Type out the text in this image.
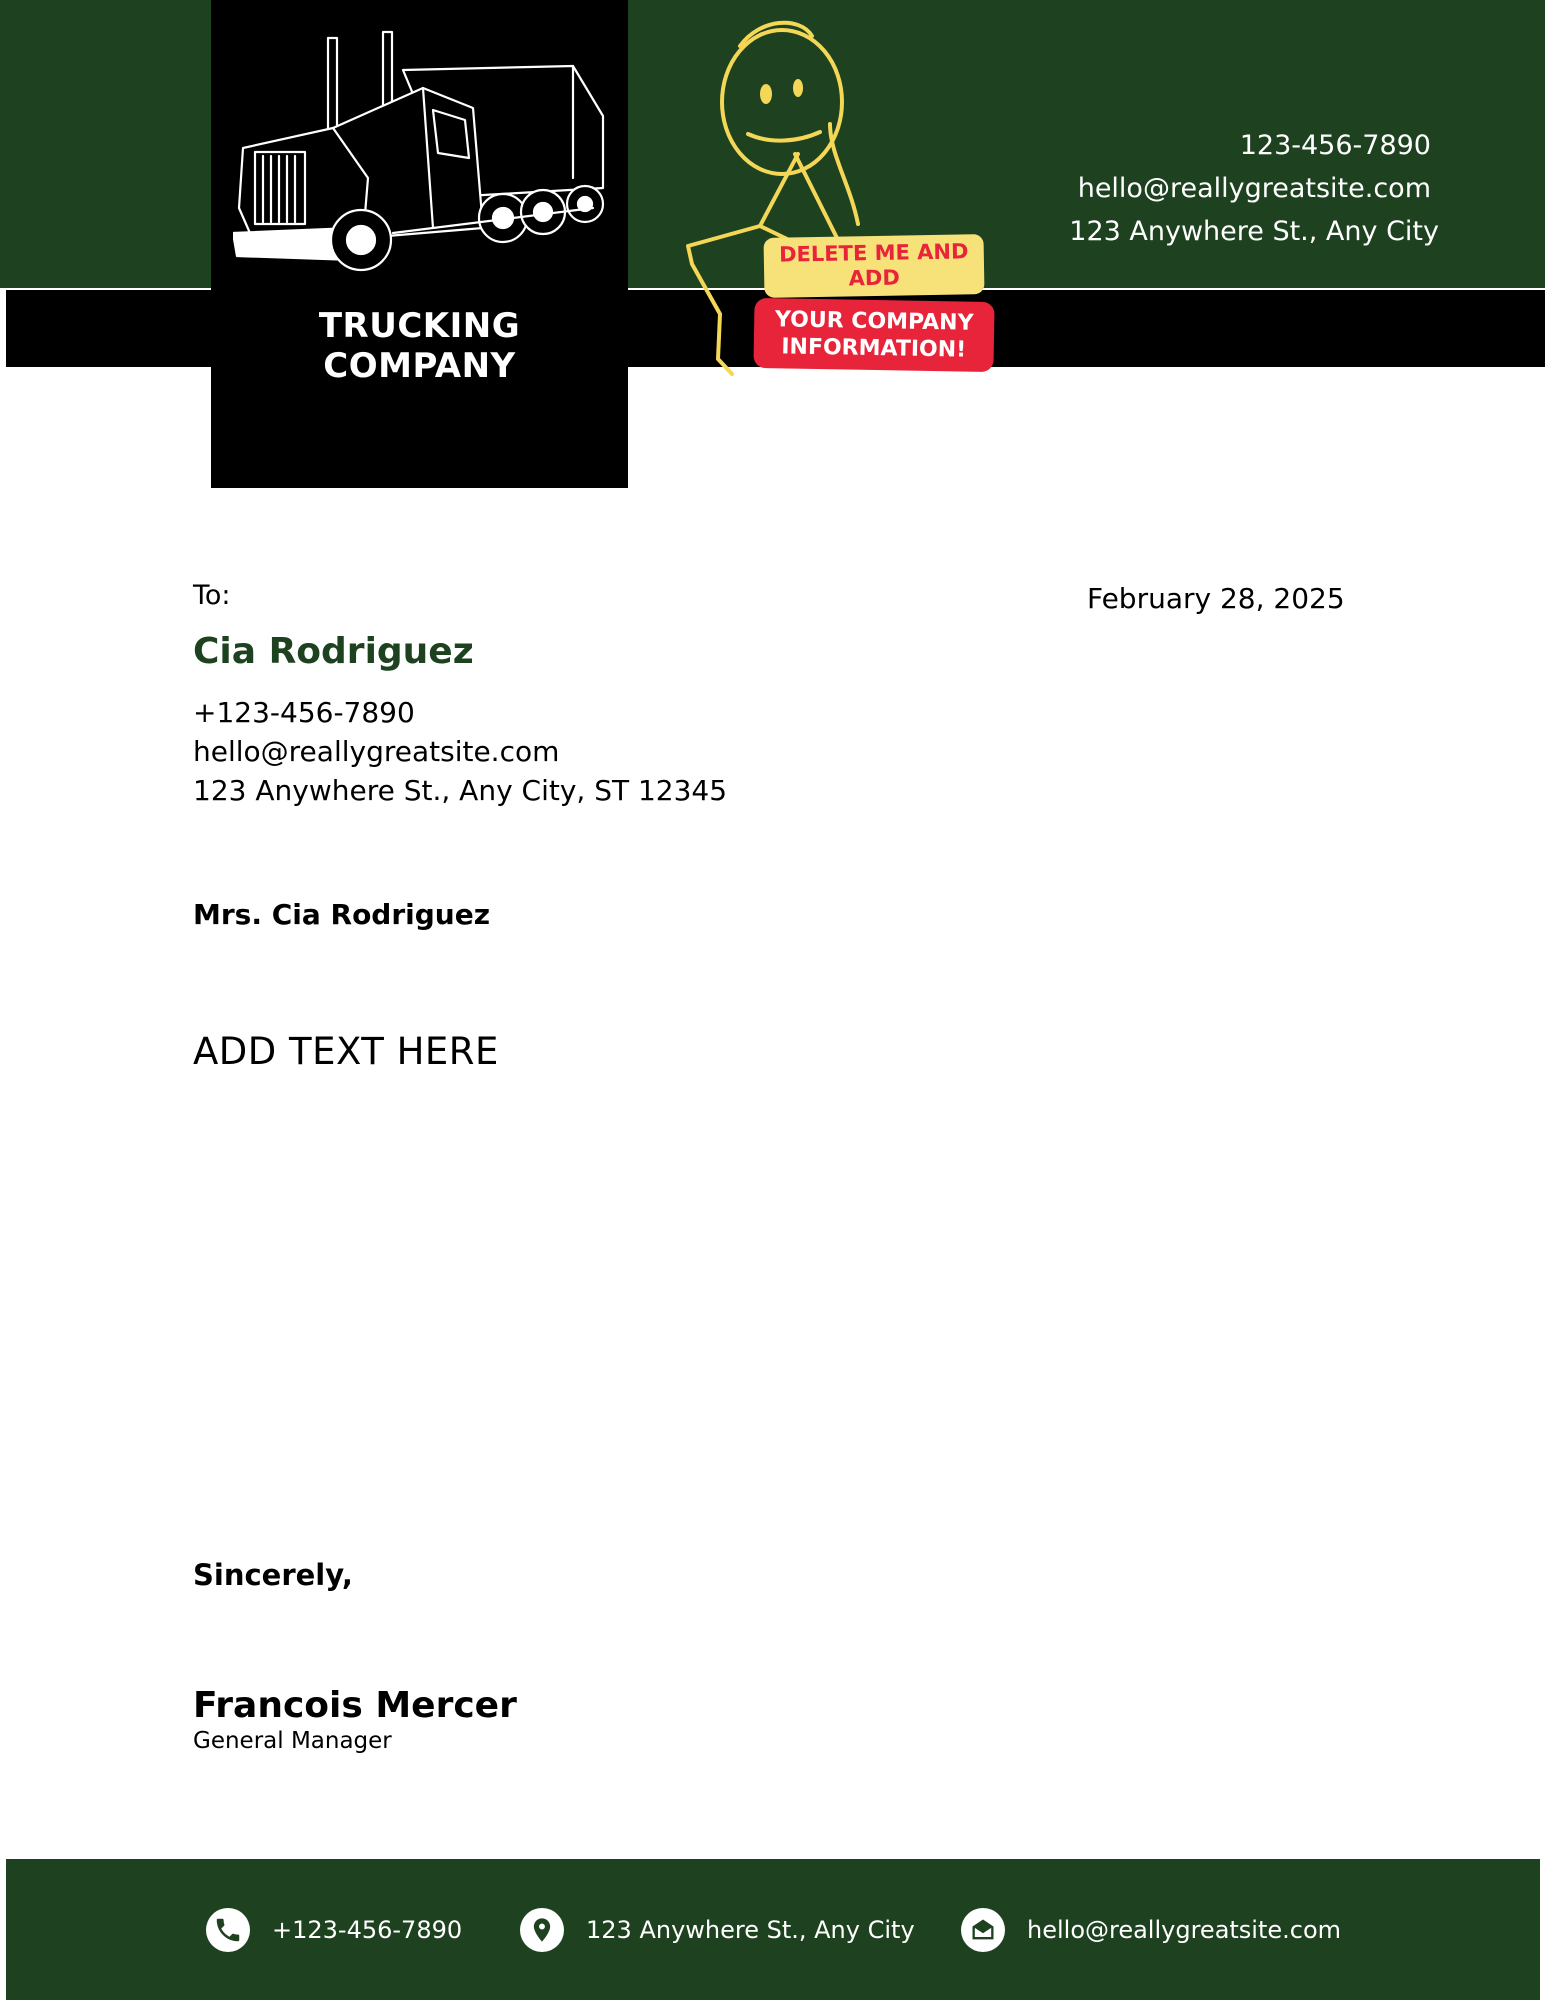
TRUCKING
COMPANY
123-456-7890
hello@reallygreatsite.com
123 Anywhere St., Any City
DELETE ME AND
ADD
YOUR COMPANY
INFORMATION!
To:	February 28, 2025
Cia Rodriguez
+123-456-7890
hello@reallygreatsite.com
123 Anywhere St., Any City, ST 12345
Mrs. Cia Rodriguez
ADD TEXT HERE
Sincerely,
Francois Mercer
General Manager
+123-456-7890	123 Anywhere St., Any City	hello@reallygreatsite.com
